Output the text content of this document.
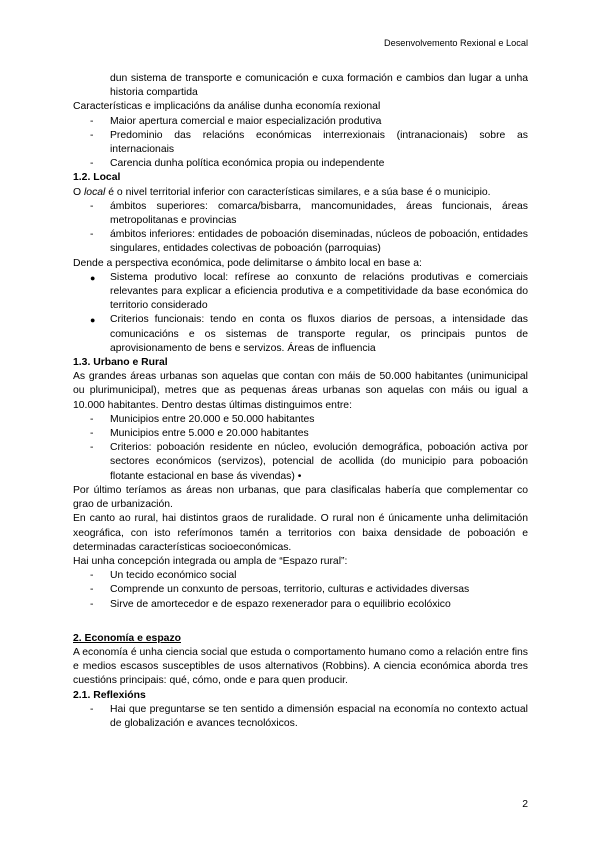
Desenvolvemento Rexional e Local

dun sistema de transporte e comunicación e cuxa formación e cambios dan lugar a unha historia compartida

Características e implicacións da análise dunha economía rexional

- Maior apertura comercial e maior especialización produtiva
- Predominio das relacións económicas interrexionais (intranacionais) sobre as internacionais
- Carencia dunha política económica propia ou independente

1.2. Local

O local é o nivel territorial inferior con características similares, e a súa base é o municipio.

- ámbitos superiores: comarca/bisbarra, mancomunidades, áreas funcionais, áreas metropolitanas e provincias
- ámbitos inferiores: entidades de poboación diseminadas, núcleos de poboación, entidades singulares, entidades colectivas de poboación (parroquias)

Dende a perspectiva económica, pode delimitarse o ámbito local en base a:

● Sistema produtivo local: refírese ao conxunto de relacións produtivas e comerciais relevantes para explicar a eficiencia produtiva e a competitividade da base económica do territorio considerado
● Criterios funcionais: tendo en conta os fluxos diarios de persoas, a intensidade das comunicacións e os sistemas de transporte regular, os principais puntos de aprovisionamento de bens e servizos. Áreas de influencia

1.3. Urbano e Rural

As grandes áreas urbanas son aquelas que contan con máis de 50.000 habitantes (unimunicipal ou plurimunicipal), metres que as pequenas áreas urbanas son aquelas con máis ou igual a 10.000 habitantes. Dentro destas últimas distinguimos entre:

- Municipios entre 20.000 e 50.000 habitantes
- Municipios entre 5.000 e 20.000 habitantes
- Criterios: poboación residente en núcleo, evolución demográfica, poboación activa por sectores económicos (servizos), potencial de acollida (do municipio para poboación flotante estacional en base ás vivendas) •

Por último teríamos as áreas non urbanas, que para clasificalas habería que complementar co grao de urbanización.

En canto ao rural, hai distintos graos de ruralidade. O rural non é únicamente unha delimitación xeográfica, con isto referímonos tamén a territorios con baixa densidade de poboación e determinadas características socioeconómicas.

Hai unha concepción integrada ou ampla de “Espazo rural”:

- Un tecido económico social
- Comprende un conxunto de persoas, territorio, culturas e actividades diversas
- Sirve de amortecedor e de espazo rexenerador para o equilibrio ecolóxico

2. Economía e espazo

A economía é unha ciencia social que estuda o comportamento humano como a relación entre fins e medios escasos susceptibles de usos alternativos (Robbins). A ciencia económica aborda tres cuestións principais: qué, cómo, onde e para quen producir.

2.1. Reflexións

- Hai que preguntarse se ten sentido a dimensión espacial na economía no contexto actual de globalización e avances tecnolóxicos.
2
